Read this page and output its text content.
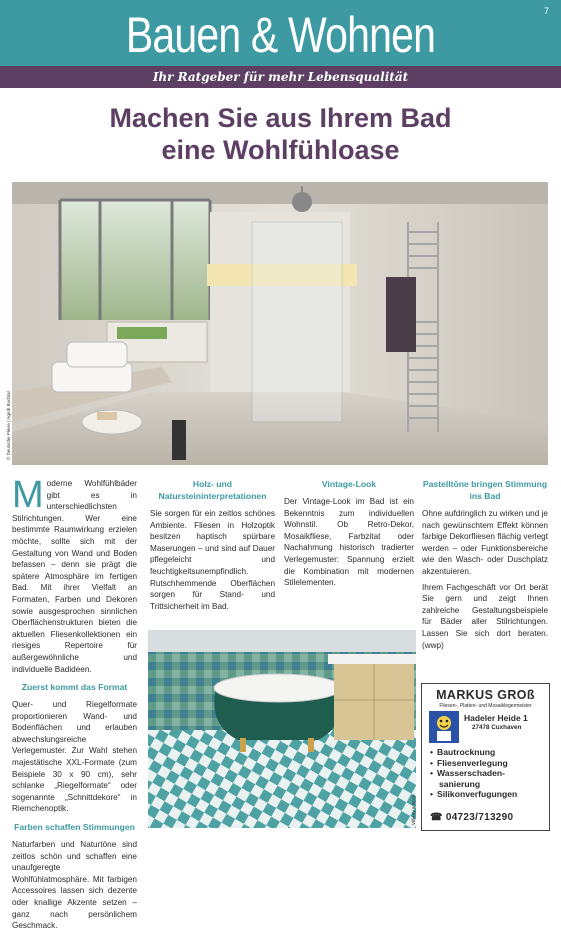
Bauen & Wohnen	7
Ihr Ratgeber für mehr Lebensqualität
Machen Sie aus Ihrem Bad
eine Wohlfühloase
© Deutsche Fliese / Agrob Buchtal

Moderne Wohlfühlbäder gibt es in unterschiedlichsten Stilrichtungen. Wer eine bestimmte Raumwirkung erzielen möchte, sollte sich mit der Gestaltung von Wand und Boden befassen – denn sie prägt die spätere Atmosphäre im fertigen Bad. Mit ihrer Vielfalt an Formaten, Farben und Dekoren sowie ausgesprochen sinnlichen Oberflächenstrukturen bieten die aktuellen Fliesenkollektionen ein riesiges Repertoire für außergewöhnliche und individuelle Badideen.

Zuerst kommt das Format

Quer- und Riegelformate proportionieren Wand- und Bodenflächen und erlauben abwechslungsreiche Verlegemuster. Zur Wahl stehen majestätische XXL-Formate (zum Beispiele 30 x 90 cm), sehr schlanke „Riegelformate“ oder sogenannte „Schnittdekore“ in Riemchenoptik.

Farben schaffen Stimmungen

Naturfarben und Naturtöne sind zeitlos schön und schaffen eine unaufgeregte Wohlfühlatmosphäre. Mit farbigen Accessoires lassen sich dezente oder knallige Akzente setzen – ganz nach persönlichem Geschmack.

Holz- und Natursteininterpretationen

Sie sorgen für ein zeitlos schönes Ambiente. Fliesen in Holzoptik besitzen haptisch spürbare Maserungen – und sind auf Dauer pflegeleicht und feuchtigkeitsunempfindlich. Rutschhemmende Oberflächen sorgen für Stand- und Trittsicherheit im Bad.

Vintage-Look

Der Vintage-Look im Bad ist ein Bekenntnis zum individuellen Wohnstil. Ob Retro-Dekor, Mosaikfliese, Farbzitat oder Nachahmung historisch tradierter Verlegemuster: Spannung erzielt die Kombination mit modernen Stilelementen.

Pastelltöne bringen Stimmung ins Bad

Ohne aufdringlich zu wirken und je nach gewünschtem Effekt können farbige Dekorfliesen flächig verlegt werden – oder Funktionsbereiche wie den Wasch- oder Duschplatz akzentuieren.

Ihrem Fachgeschäft vor Ort berät Sie gern und zeigt Ihnen zahlreiche Gestaltungsbeispiele für Bäder aller Stilrichtungen. Lassen Sie sich dort beraten. (wwp)

Villeroy & Boch
MARKUS GROß
Fliesen-, Platten- und Mosaiklegermeister
Hadeler Heide 1
27478 Cuxhaven
• Bautrocknung
• Fliesenverlegung
• Wasserschaden-
sanierung
• Silikonverfugungen
☎ 04723/713290
